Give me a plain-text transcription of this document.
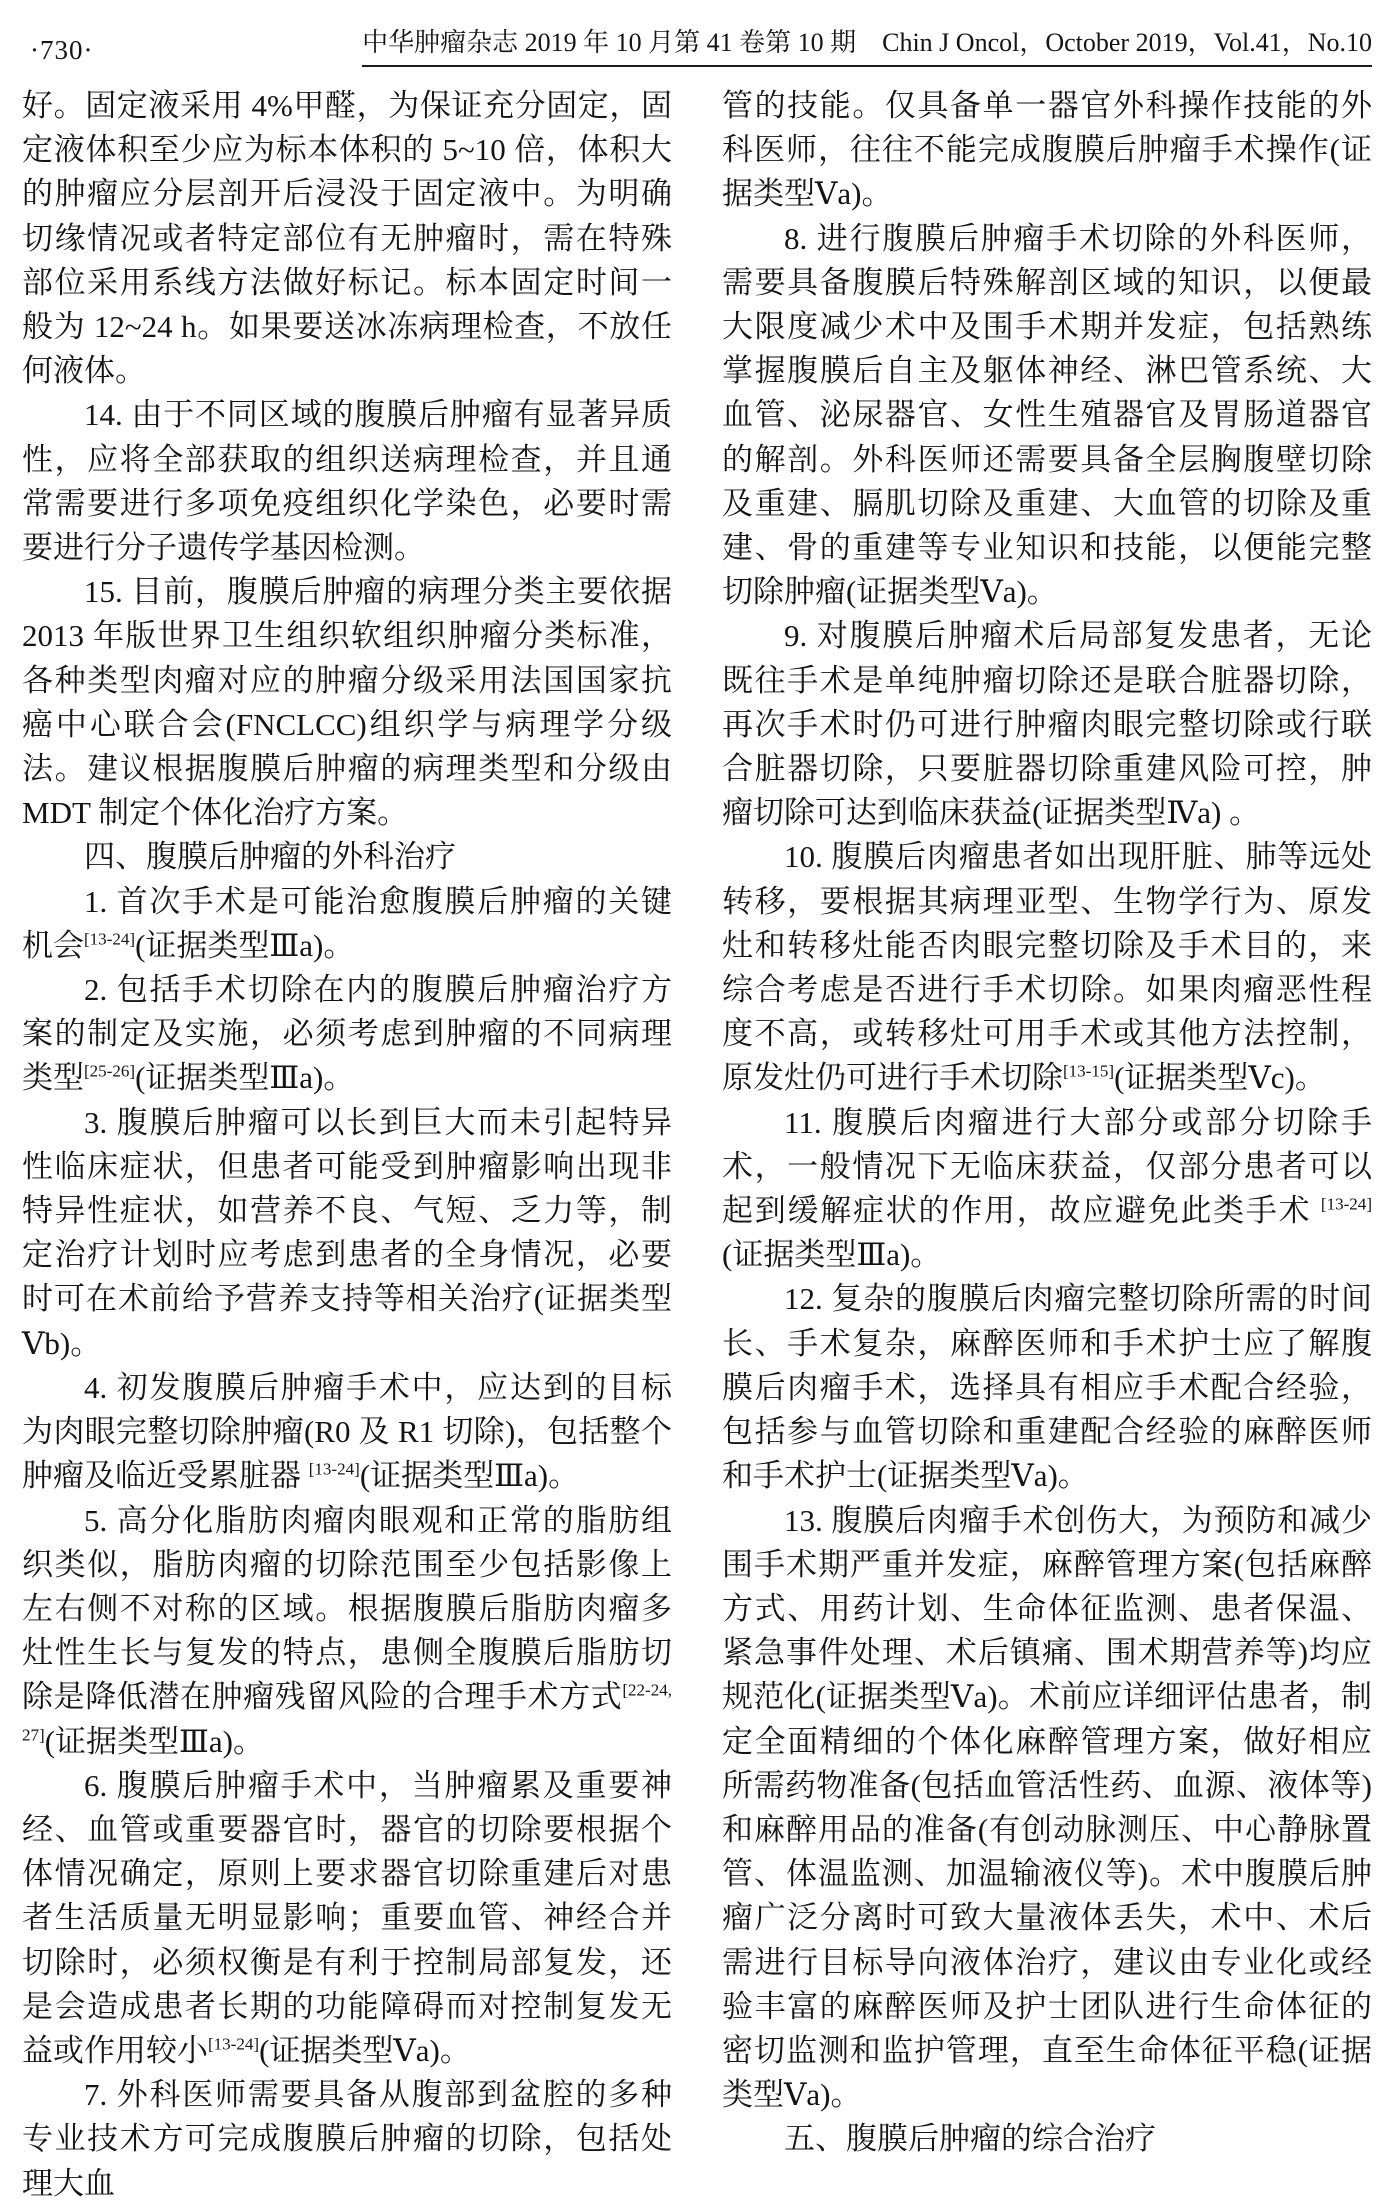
·730·	中华肿瘤杂志 2019 年 10 月第 41 卷第 10 期　Chin J Oncol，October 2019，Vol.41，No.10

好。固定液采用 4%甲醛，为保证充分固定，固定液体积至少应为标本体积的 5~10 倍，体积大的肿瘤应分层剖开后浸没于固定液中。为明确切缘情况或者特定部位有无肿瘤时，需在特殊部位采用系线方法做好标记。标本固定时间一般为 12~24 h。如果要送冰冻病理检查，不放任何液体。

14. 由于不同区域的腹膜后肿瘤有显著异质性，应将全部获取的组织送病理检查，并且通常需要进行多项免疫组织化学染色，必要时需要进行分子遗传学基因检测。

15. 目前，腹膜后肿瘤的病理分类主要依据 2013 年版世界卫生组织软组织肿瘤分类标准，各种类型肉瘤对应的肿瘤分级采用法国国家抗癌中心联合会(FNCLCC)组织学与病理学分级法。建议根据腹膜后肿瘤的病理类型和分级由 MDT 制定个体化治疗方案。

四、腹膜后肿瘤的外科治疗

1. 首次手术是可能治愈腹膜后肿瘤的关键机会[13-24](证据类型Ⅲa)。

2. 包括手术切除在内的腹膜后肿瘤治疗方案的制定及实施，必须考虑到肿瘤的不同病理类型[25-26](证据类型Ⅲa)。

3. 腹膜后肿瘤可以长到巨大而未引起特异性临床症状，但患者可能受到肿瘤影响出现非特异性症状，如营养不良、气短、乏力等，制定治疗计划时应考虑到患者的全身情况，必要时可在术前给予营养支持等相关治疗(证据类型Ⅴb)。

4. 初发腹膜后肿瘤手术中，应达到的目标为肉眼完整切除肿瘤(R0 及 R1 切除)，包括整个肿瘤及临近受累脏器 [13-24](证据类型Ⅲa)。

5. 高分化脂肪肉瘤肉眼观和正常的脂肪组织类似，脂肪肉瘤的切除范围至少包括影像上左右侧不对称的区域。根据腹膜后脂肪肉瘤多灶性生长与复发的特点，患侧全腹膜后脂肪切除是降低潜在肿瘤残留风险的合理手术方式[22-24, 27](证据类型Ⅲa)。

6. 腹膜后肿瘤手术中，当肿瘤累及重要神经、血管或重要器官时，器官的切除要根据个体情况确定，原则上要求器官切除重建后对患者生活质量无明显影响；重要血管、神经合并切除时，必须权衡是有利于控制局部复发，还是会造成患者长期的功能障碍而对控制复发无益或作用较小[13-24](证据类型Ⅴa)。

7. 外科医师需要具备从腹部到盆腔的多种专业技术方可完成腹膜后肿瘤的切除，包括处理大血

管的技能。仅具备单一器官外科操作技能的外科医师，往往不能完成腹膜后肿瘤手术操作(证据类型Ⅴa)。

8. 进行腹膜后肿瘤手术切除的外科医师，需要具备腹膜后特殊解剖区域的知识，以便最大限度减少术中及围手术期并发症，包括熟练掌握腹膜后自主及躯体神经、淋巴管系统、大血管、泌尿器官、女性生殖器官及胃肠道器官的解剖。外科医师还需要具备全层胸腹壁切除及重建、膈肌切除及重建、大血管的切除及重建、骨的重建等专业知识和技能，以便能完整切除肿瘤(证据类型Ⅴa)。

9. 对腹膜后肿瘤术后局部复发患者，无论既往手术是单纯肿瘤切除还是联合脏器切除，再次手术时仍可进行肿瘤肉眼完整切除或行联合脏器切除，只要脏器切除重建风险可控，肿瘤切除可达到临床获益(证据类型Ⅳa) 。

10. 腹膜后肉瘤患者如出现肝脏、肺等远处转移，要根据其病理亚型、生物学行为、原发灶和转移灶能否肉眼完整切除及手术目的，来综合考虑是否进行手术切除。如果肉瘤恶性程度不高，或转移灶可用手术或其他方法控制，原发灶仍可进行手术切除[13-15](证据类型Ⅴc)。

11. 腹膜后肉瘤进行大部分或部分切除手术，一般情况下无临床获益，仅部分患者可以起到缓解症状的作用，故应避免此类手术 [13-24](证据类型Ⅲa)。

12. 复杂的腹膜后肉瘤完整切除所需的时间长、手术复杂，麻醉医师和手术护士应了解腹膜后肉瘤手术，选择具有相应手术配合经验，包括参与血管切除和重建配合经验的麻醉医师和手术护士(证据类型Ⅴa)。

13. 腹膜后肉瘤手术创伤大，为预防和减少围手术期严重并发症，麻醉管理方案(包括麻醉方式、用药计划、生命体征监测、患者保温、紧急事件处理、术后镇痛、围术期营养等)均应规范化(证据类型Ⅴa)。术前应详细评估患者，制定全面精细的个体化麻醉管理方案，做好相应所需药物准备(包括血管活性药、血源、液体等)和麻醉用品的准备(有创动脉测压、中心静脉置管、体温监测、加温输液仪等)。术中腹膜后肿瘤广泛分离时可致大量液体丢失，术中、术后需进行目标导向液体治疗，建议由专业化或经验丰富的麻醉医师及护士团队进行生命体征的密切监测和监护管理，直至生命体征平稳(证据类型Ⅴa)。

五、腹膜后肿瘤的综合治疗
